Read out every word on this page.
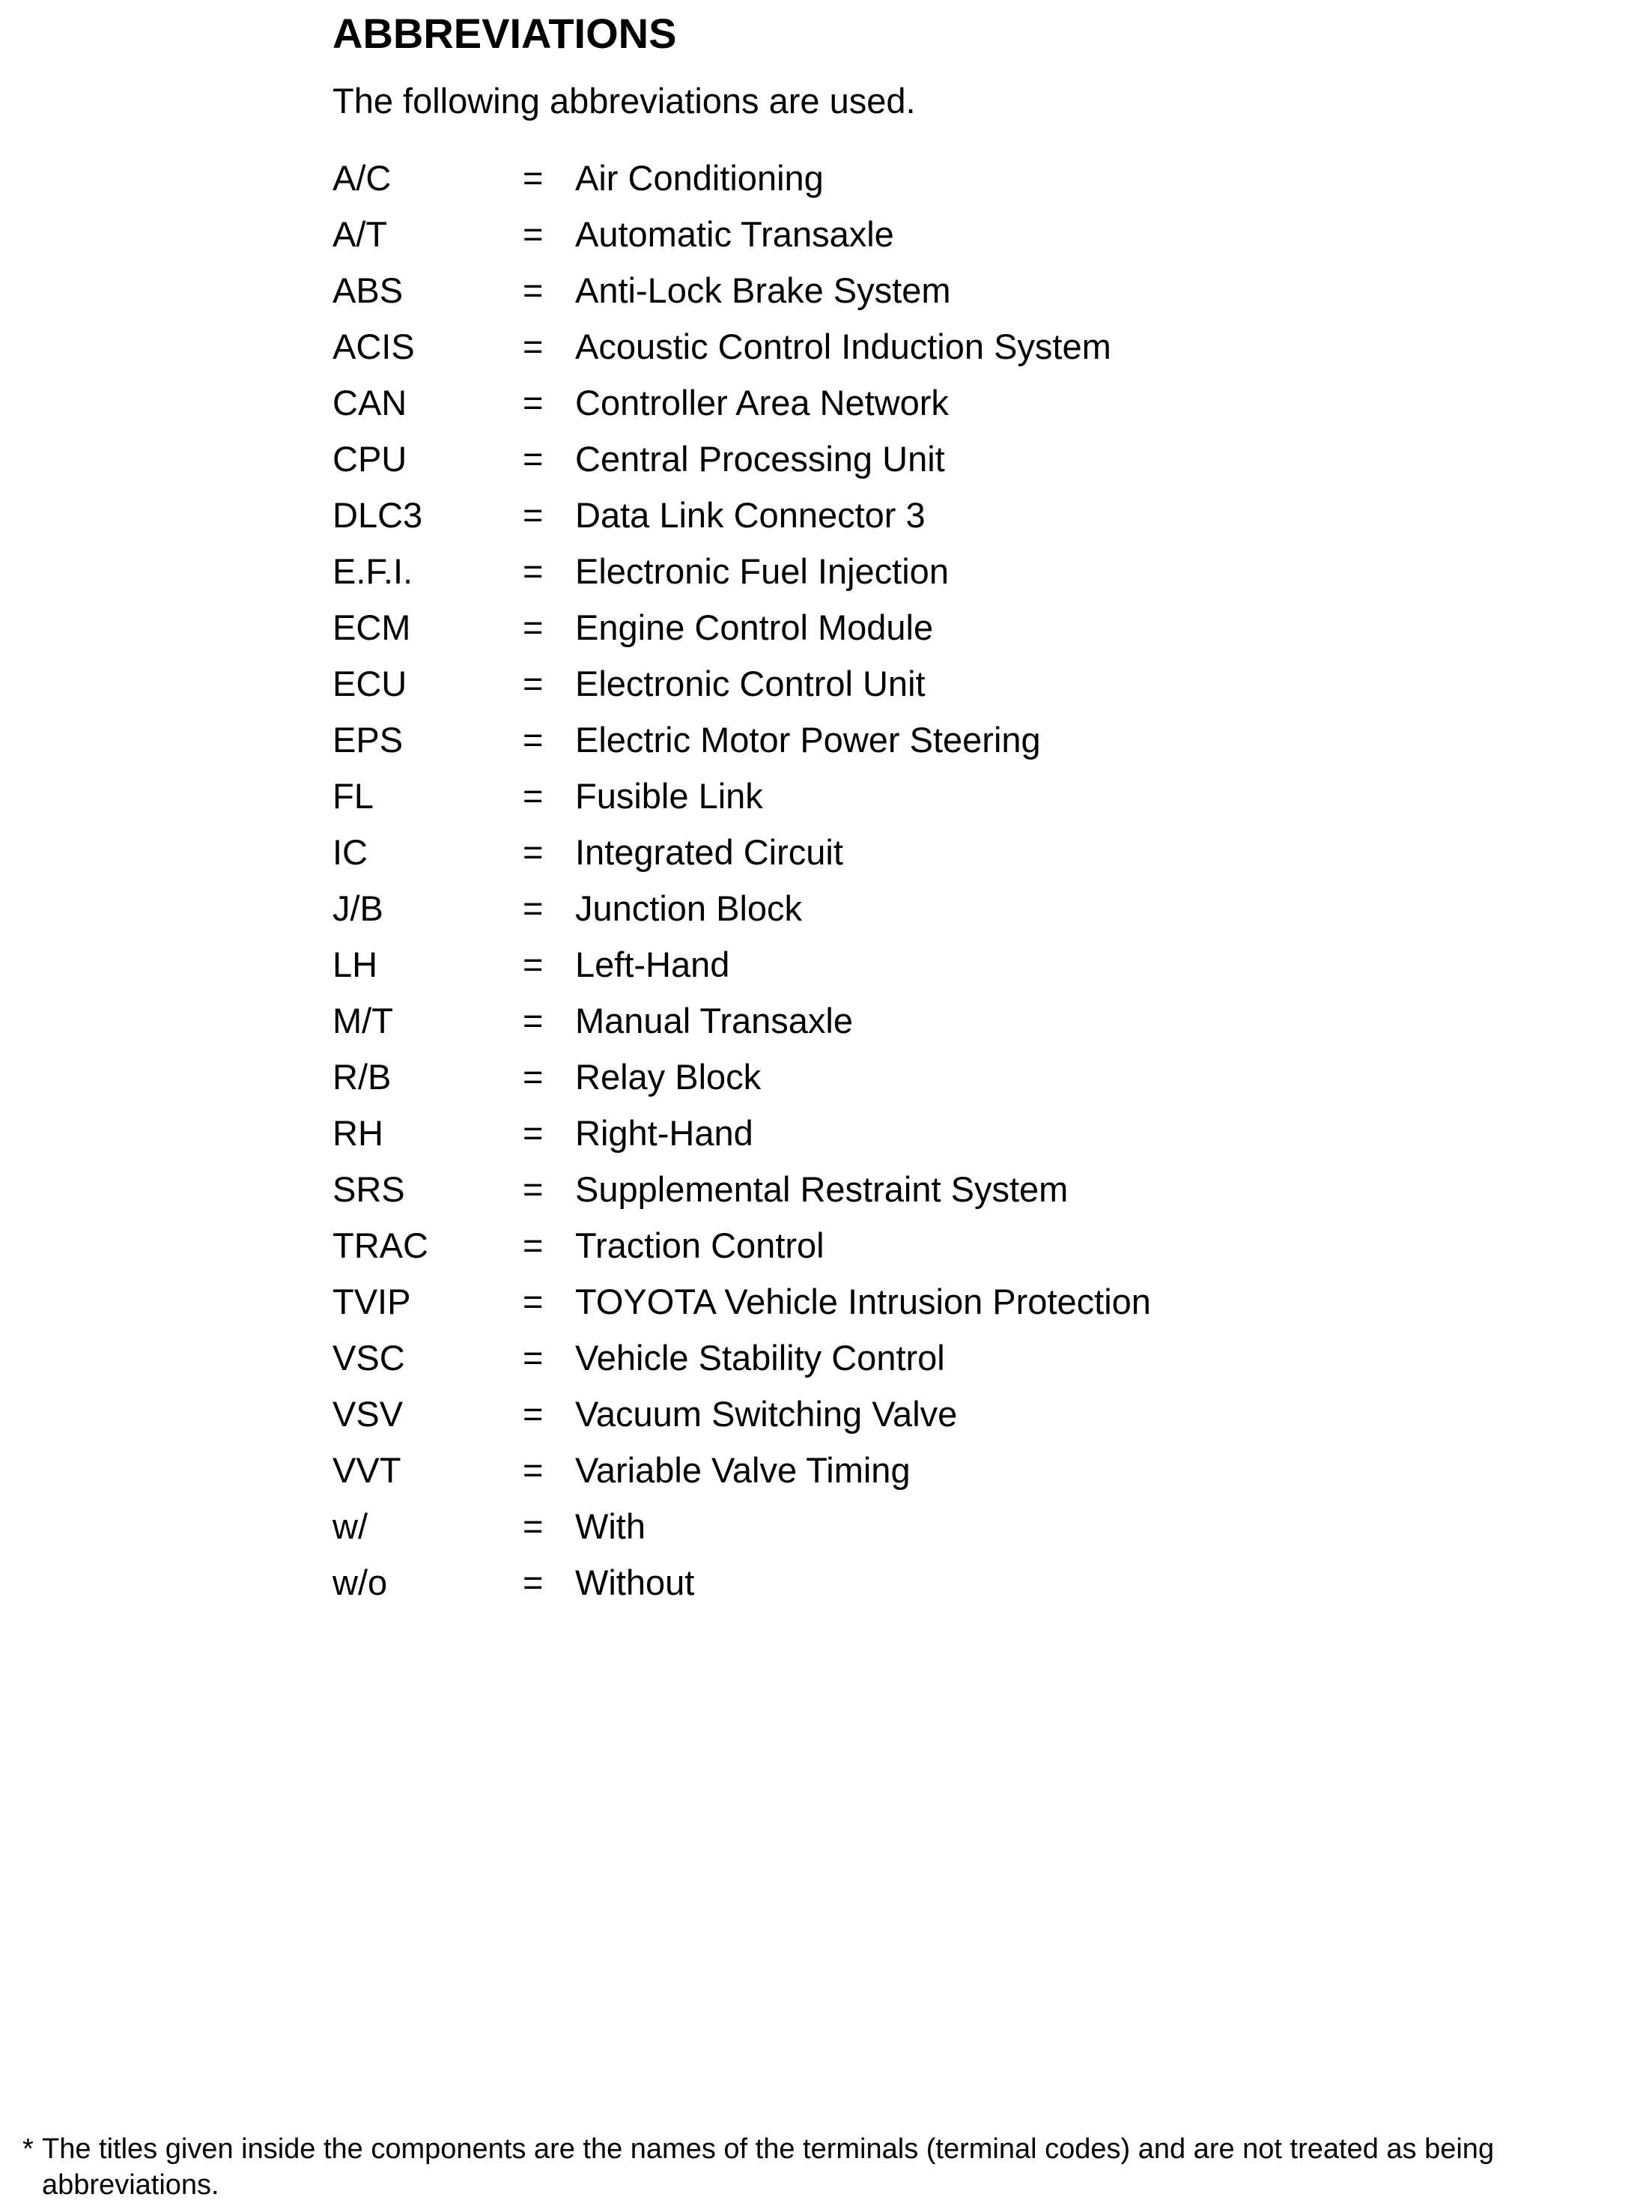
ABBREVIATIONS

The following abbreviations are used.

A/C	= Air Conditioning
A/T	= Automatic Transaxle
ABS	= Anti-Lock Brake System
ACIS	= Acoustic Control Induction System
CAN	= Controller Area Network
CPU	= Central Processing Unit
DLC3	= Data Link Connector 3
E.F.I.	= Electronic Fuel Injection
ECM	= Engine Control Module
ECU	= Electronic Control Unit
EPS	= Electric Motor Power Steering
FL	= Fusible Link
IC	= Integrated Circuit
J/B	= Junction Block
LH	= Left-Hand
M/T	= Manual Transaxle
R/B	= Relay Block
RH	= Right-Hand
SRS	= Supplemental Restraint System
TRAC	= Traction Control
TVIP	= TOYOTA Vehicle Intrusion Protection
VSC	= Vehicle Stability Control
VSV	= Vacuum Switching Valve
VVT	= Variable Valve Timing
w/	= With
w/o	= Without
* The titles given inside the components are the names of the terminals (terminal codes) and are not treated as being abbreviations.
